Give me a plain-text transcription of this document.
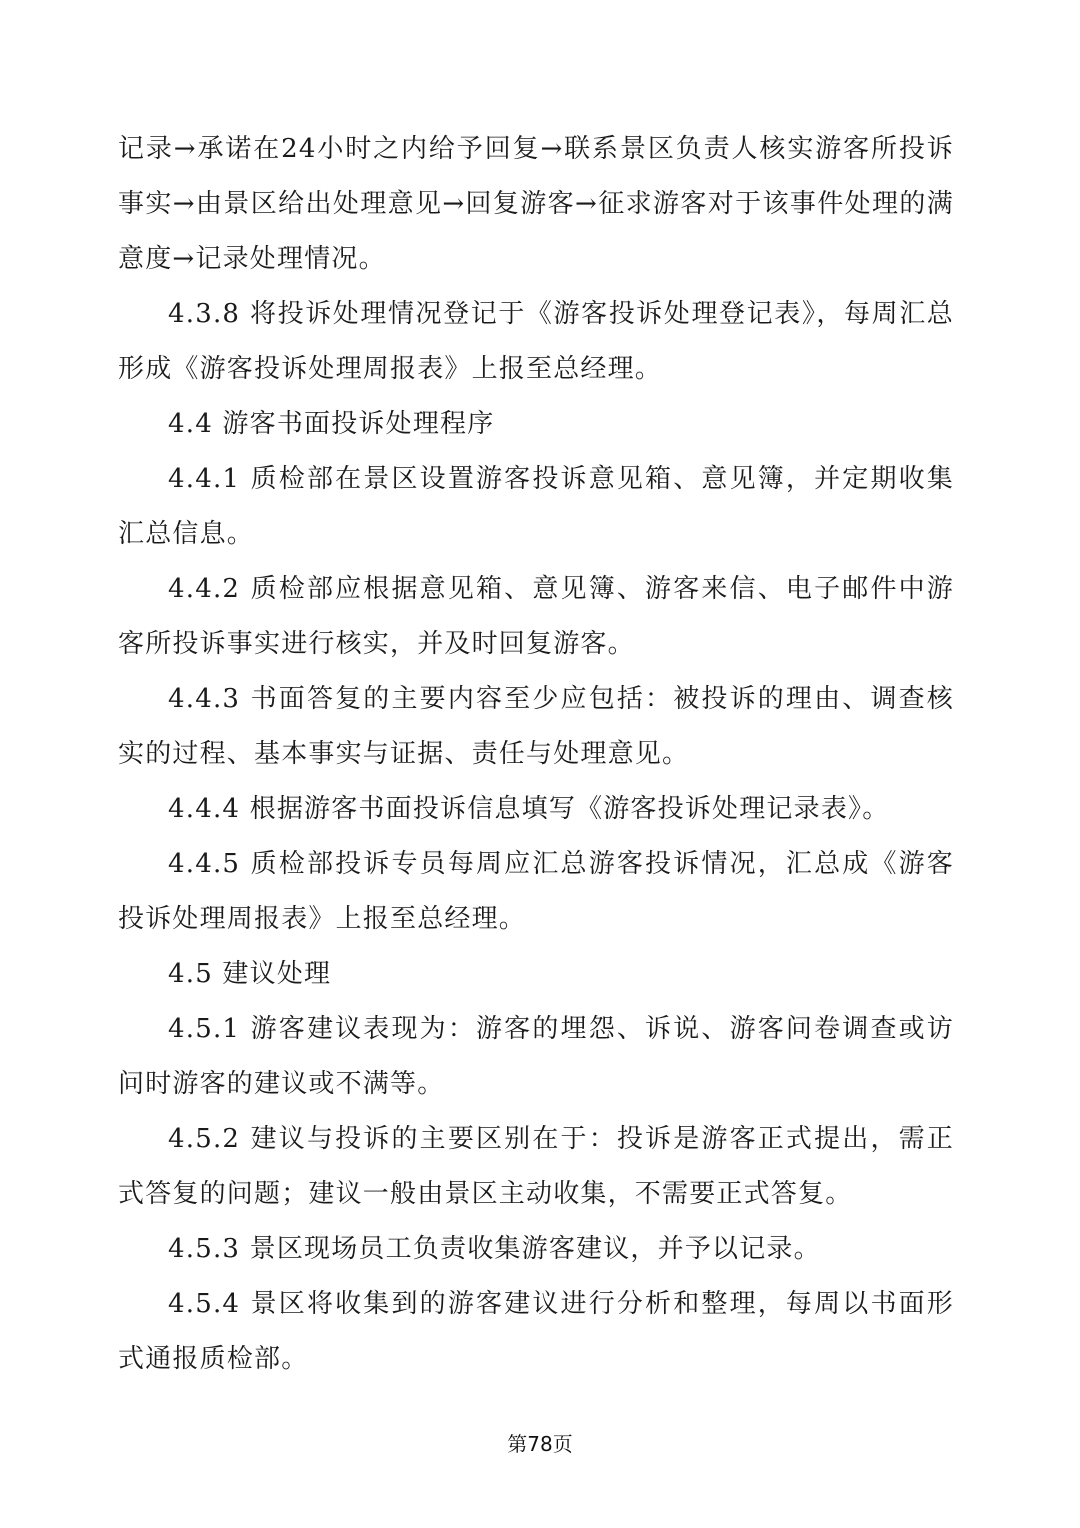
记录→承诺在24小时之内给予回复→联系景区负责人核实游客所投诉事实→由景区给出处理意见→回复游客→征求游客对于该事件处理的满意度→记录处理情况。

4.3.8 将投诉处理情况登记于《游客投诉处理登记表》，每周汇总形成《游客投诉处理周报表》上报至总经理。

4.4 游客书面投诉处理程序

4.4.1 质检部在景区设置游客投诉意见箱、意见簿，并定期收集汇总信息。

4.4.2 质检部应根据意见箱、意见簿、游客来信、电子邮件中游客所投诉事实进行核实，并及时回复游客。

4.4.3 书面答复的主要内容至少应包括：被投诉的理由、调查核实的过程、基本事实与证据、责任与处理意见。

4.4.4 根据游客书面投诉信息填写《游客投诉处理记录表》。

4.4.5 质检部投诉专员每周应汇总游客投诉情况，汇总成《游客投诉处理周报表》上报至总经理。

4.5 建议处理

4.5.1 游客建议表现为：游客的埋怨、诉说、游客问卷调查或访问时游客的建议或不满等。

4.5.2 建议与投诉的主要区别在于：投诉是游客正式提出，需正式答复的问题；建议一般由景区主动收集，不需要正式答复。

4.5.3 景区现场员工负责收集游客建议，并予以记录。

4.5.4 景区将收集到的游客建议进行分析和整理，每周以书面形式通报质检部。

第78页
